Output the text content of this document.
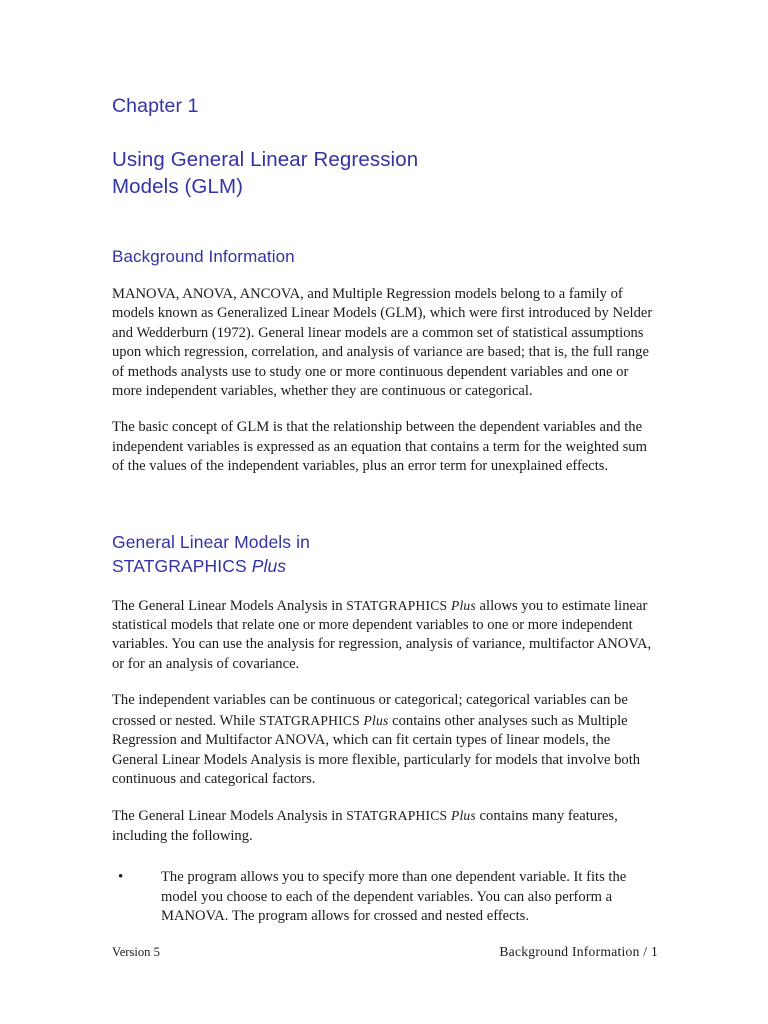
Chapter 1
Using General Linear Regression
Models (GLM)
Background Information

MANOVA, ANOVA, ANCOVA, and Multiple Regression models belong to a family of models known as Generalized Linear Models (GLM), which were first introduced by Nelder and Wedderburn (1972). General linear models are a common set of statistical assumptions upon which regression, correlation, and analysis of variance are based; that is, the full range of methods analysts use to study one or more continuous dependent variables and one or more independent variables, whether they are continuous or categorical.

The basic concept of GLM is that the relationship between the dependent variables and the independent variables is expressed as an equation that contains a term for the weighted sum of the values of the independent variables, plus an error term for unexplained effects.

General Linear Models in
STATGRAPHICS Plus

The General Linear Models Analysis in STATGRAPHICS Plus allows you to estimate linear statistical models that relate one or more dependent variables to one or more independent variables. You can use the analysis for regression, analysis of variance, multifactor ANOVA, or for an analysis of covariance.

The independent variables can be continuous or categorical; categorical variables can be crossed or nested. While STATGRAPHICS Plus contains other analyses such as Multiple Regression and Multifactor ANOVA, which can fit certain types of linear models, the General Linear Models Analysis is more flexible, particularly for models that involve both continuous and categorical factors.

The General Linear Models Analysis in STATGRAPHICS Plus contains many features, including the following.

•	The program allows you to specify more than one dependent variable. It fits the model you choose to each of the dependent variables. You can also perform a MANOVA. The program allows for crossed and nested effects.
Version 5	Background Information / 1
